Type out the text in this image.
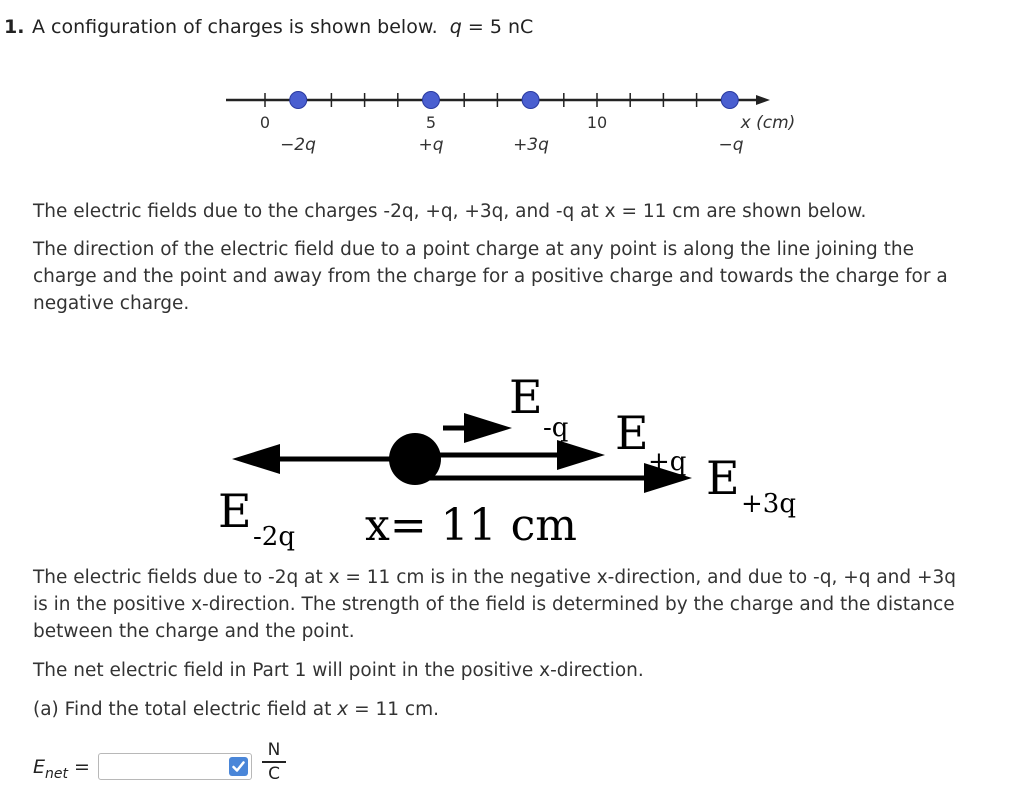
1. A configuration of charges is shown below. q = 5 nC
0	5	10	x (cm)
−2q	+q	+3q	−q
E
-q E
+q E +3q
E -2q x= 11 cm
The electric fields due to the charges -2q, +q, +3q, and -q at x = 11 cm are shown below.
The direction of the electric field due to a point charge at any point is along the line joining the charge and the point and away from the charge for a positive charge and towards the charge for a negative charge.
The electric fields due to -2q at x = 11 cm is in the negative x-direction, and due to -q, +q and +3q is in the positive x-direction. The strength of the field is determined by the charge and the distance between the charge and the point.
The net electric field in Part 1 will point in the positive x-direction.
(a) Find the total electric field at x = 11 cm.
$E_{net}$ =
N
C
